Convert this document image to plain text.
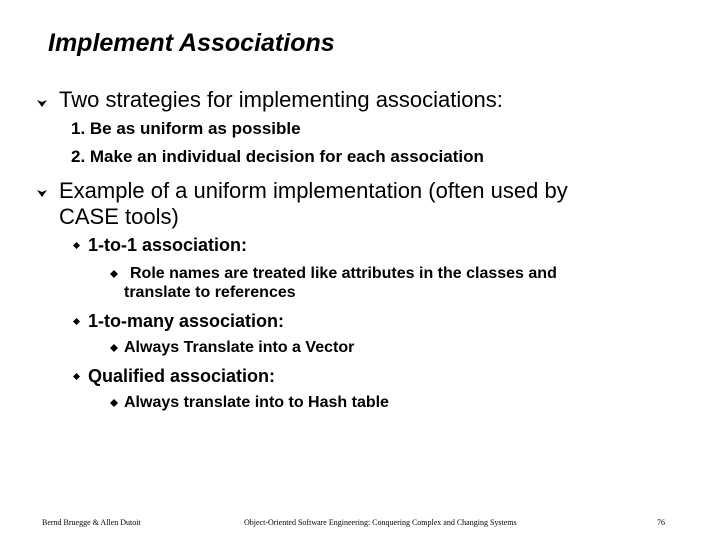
Implement Associations
Two strategies for implementing associations:
1. Be as uniform as possible
2. Make an individual decision for each association
Example of a uniform implementation (often used by
CASE tools)
1-to-1 association:
Role names are treated like attributes in the classes and
translate to references
1-to-many association:
Always Translate into a Vector
Qualified association:
Always translate into to Hash table
Bernd Bruegge & Allen Dutoit	Object-Oriented Software Engineering: Conquering Complex and Changing Systems	76
